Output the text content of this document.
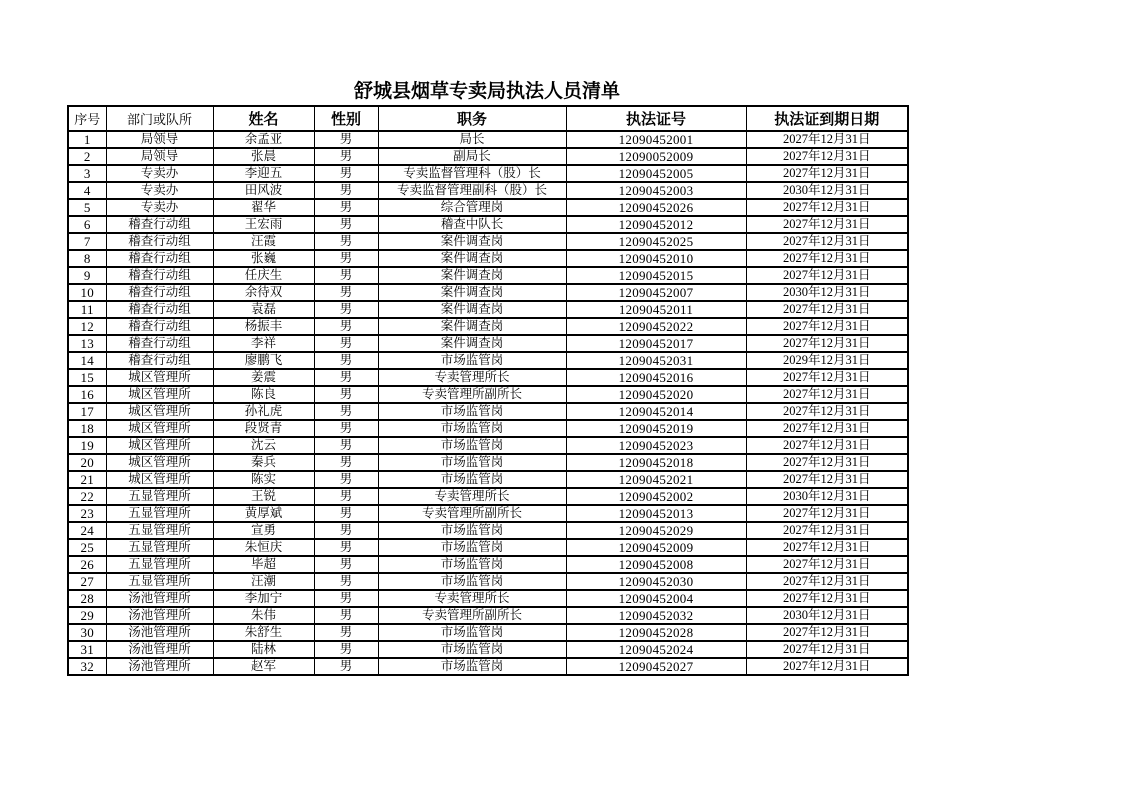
舒城县烟草专卖局执法人员清单
序号	部门或队所	姓名	性别	职务	执法证号	执法证到期日期
1	局领导	余孟亚	男	局长	12090452001	2027年12月31日
2	局领导	张晨	男	副局长	12090052009	2027年12月31日
3	专卖办	李迎五	男	专卖监督管理科（股）长	12090452005	2027年12月31日
4	专卖办	田风波	男	专卖监督管理副科（股）长	12090452003	2030年12月31日
5	专卖办	翟华	男	综合管理岗	12090452026	2027年12月31日
6	稽查行动组	王宏雨	男	稽查中队长	12090452012	2027年12月31日
7	稽查行动组	汪霞	男	案件调查岗	12090452025	2027年12月31日
8	稽查行动组	张巍	男	案件调查岗	12090452010	2027年12月31日
9	稽查行动组	任庆生	男	案件调查岗	12090452015	2027年12月31日
10	稽查行动组	余待双	男	案件调查岗	12090452007	2030年12月31日
11	稽查行动组	袁磊	男	案件调查岗	12090452011	2027年12月31日
12	稽查行动组	杨振丰	男	案件调查岗	12090452022	2027年12月31日
13	稽查行动组	李祥	男	案件调查岗	12090452017	2027年12月31日
14	稽查行动组	廖鹏飞	男	市场监管岗	12090452031	2029年12月31日
15	城区管理所	姜震	男	专卖管理所长	12090452016	2027年12月31日
16	城区管理所	陈良	男	专卖管理所副所长	12090452020	2027年12月31日
17	城区管理所	孙礼虎	男	市场监管岗	12090452014	2027年12月31日
18	城区管理所	段贤青	男	市场监管岗	12090452019	2027年12月31日
19	城区管理所	沈云	男	市场监管岗	12090452023	2027年12月31日
20	城区管理所	秦兵	男	市场监管岗	12090452018	2027年12月31日
21	城区管理所	陈实	男	市场监管岗	12090452021	2027年12月31日
22	五显管理所	王锐	男	专卖管理所长	12090452002	2030年12月31日
23	五显管理所	黄厚斌	男	专卖管理所副所长	12090452013	2027年12月31日
24	五显管理所	宣勇	男	市场监管岗	12090452029	2027年12月31日
25	五显管理所	朱恒庆	男	市场监管岗	12090452009	2027年12月31日
26	五显管理所	毕超	男	市场监管岗	12090452008	2027年12月31日
27	五显管理所	汪潮	男	市场监管岗	12090452030	2027年12月31日
28	汤池管理所	李加宁	男	专卖管理所长	12090452004	2027年12月31日
29	汤池管理所	朱伟	男	专卖管理所副所长	12090452032	2030年12月31日
30	汤池管理所	朱舒生	男	市场监管岗	12090452028	2027年12月31日
31	汤池管理所	陆林	男	市场监管岗	12090452024	2027年12月31日
32	汤池管理所	赵军	男	市场监管岗	12090452027	2027年12月31日
